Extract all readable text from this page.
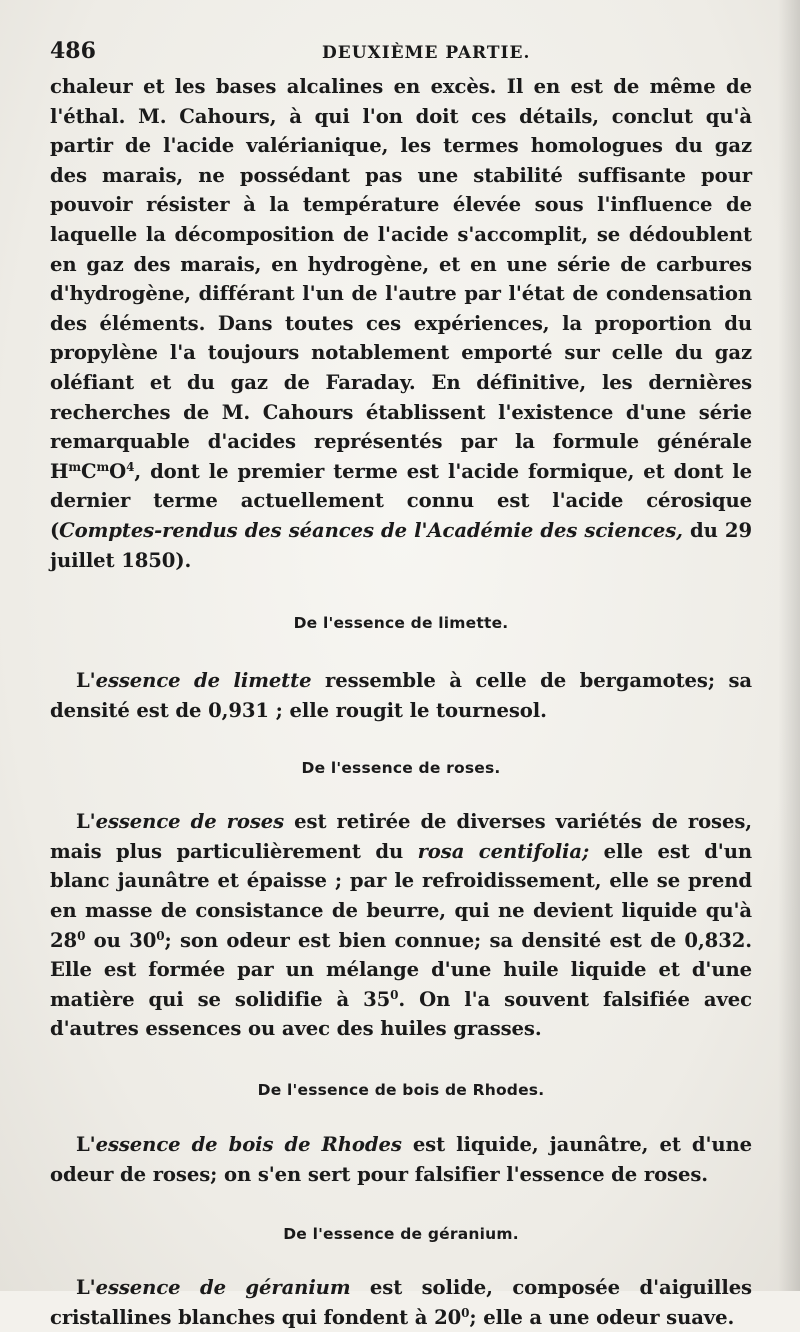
486	DEUXIÈME PARTIE.

chaleur et les bases alcalines en excès. Il en est de même de l'éthal. M. Cahours, à qui l'on doit ces détails, conclut qu'à partir de l'acide valérianique, les termes homologues du gaz des marais, ne possédant pas une stabilité suffisante pour pouvoir résister à la température élevée sous l'influence de laquelle la décomposition de l'acide s'accomplit, se dédoublent en gaz des marais, en hydrogène, et en une série de carbures d'hydrogène, différant l'un de l'autre par l'état de condensation des éléments. Dans toutes ces expériences, la proportion du propylène l'a toujours notablement emporté sur celle du gaz oléfiant et du gaz de Faraday. En définitive, les dernières recherches de M. Cahours établissent l'existence d'une série remarquable d'acides représentés par la formule générale $H^mC^mO^4$, dont le premier terme est l'acide formique, et dont le dernier terme actuellement connu est l'acide cérosique (Comptes-rendus des séances de l'Académie des sciences, du 29 juillet 1850).

De l'essence de limette.

L'essence de limette ressemble à celle de bergamotes; sa densité est de 0,931 ; elle rougit le tournesol.

De l'essence de roses.

L'essence de roses est retirée de diverses variétés de roses, mais plus particulièrement du rosa centifolia; elle est d'un blanc jaunâtre et épaisse ; par le refroidissement, elle se prend en masse de consistance de beurre, qui ne devient liquide qu'à $28^0$ ou $30^0$; son odeur est bien connue; sa densité est de 0,832. Elle est formée par un mélange d'une huile liquide et d'une matière qui se solidifie à $35^0$. On l'a souvent falsifiée avec d'autres essences ou avec des huiles grasses.

De l'essence de bois de Rhodes.

L'essence de bois de Rhodes est liquide, jaunâtre, et d'une odeur de roses; on s'en sert pour falsifier l'essence de roses.

De l'essence de géranium.

L'essence de géranium est solide, composée d'aiguilles cristallines blanches qui fondent à $20^0$; elle a une odeur suave.
